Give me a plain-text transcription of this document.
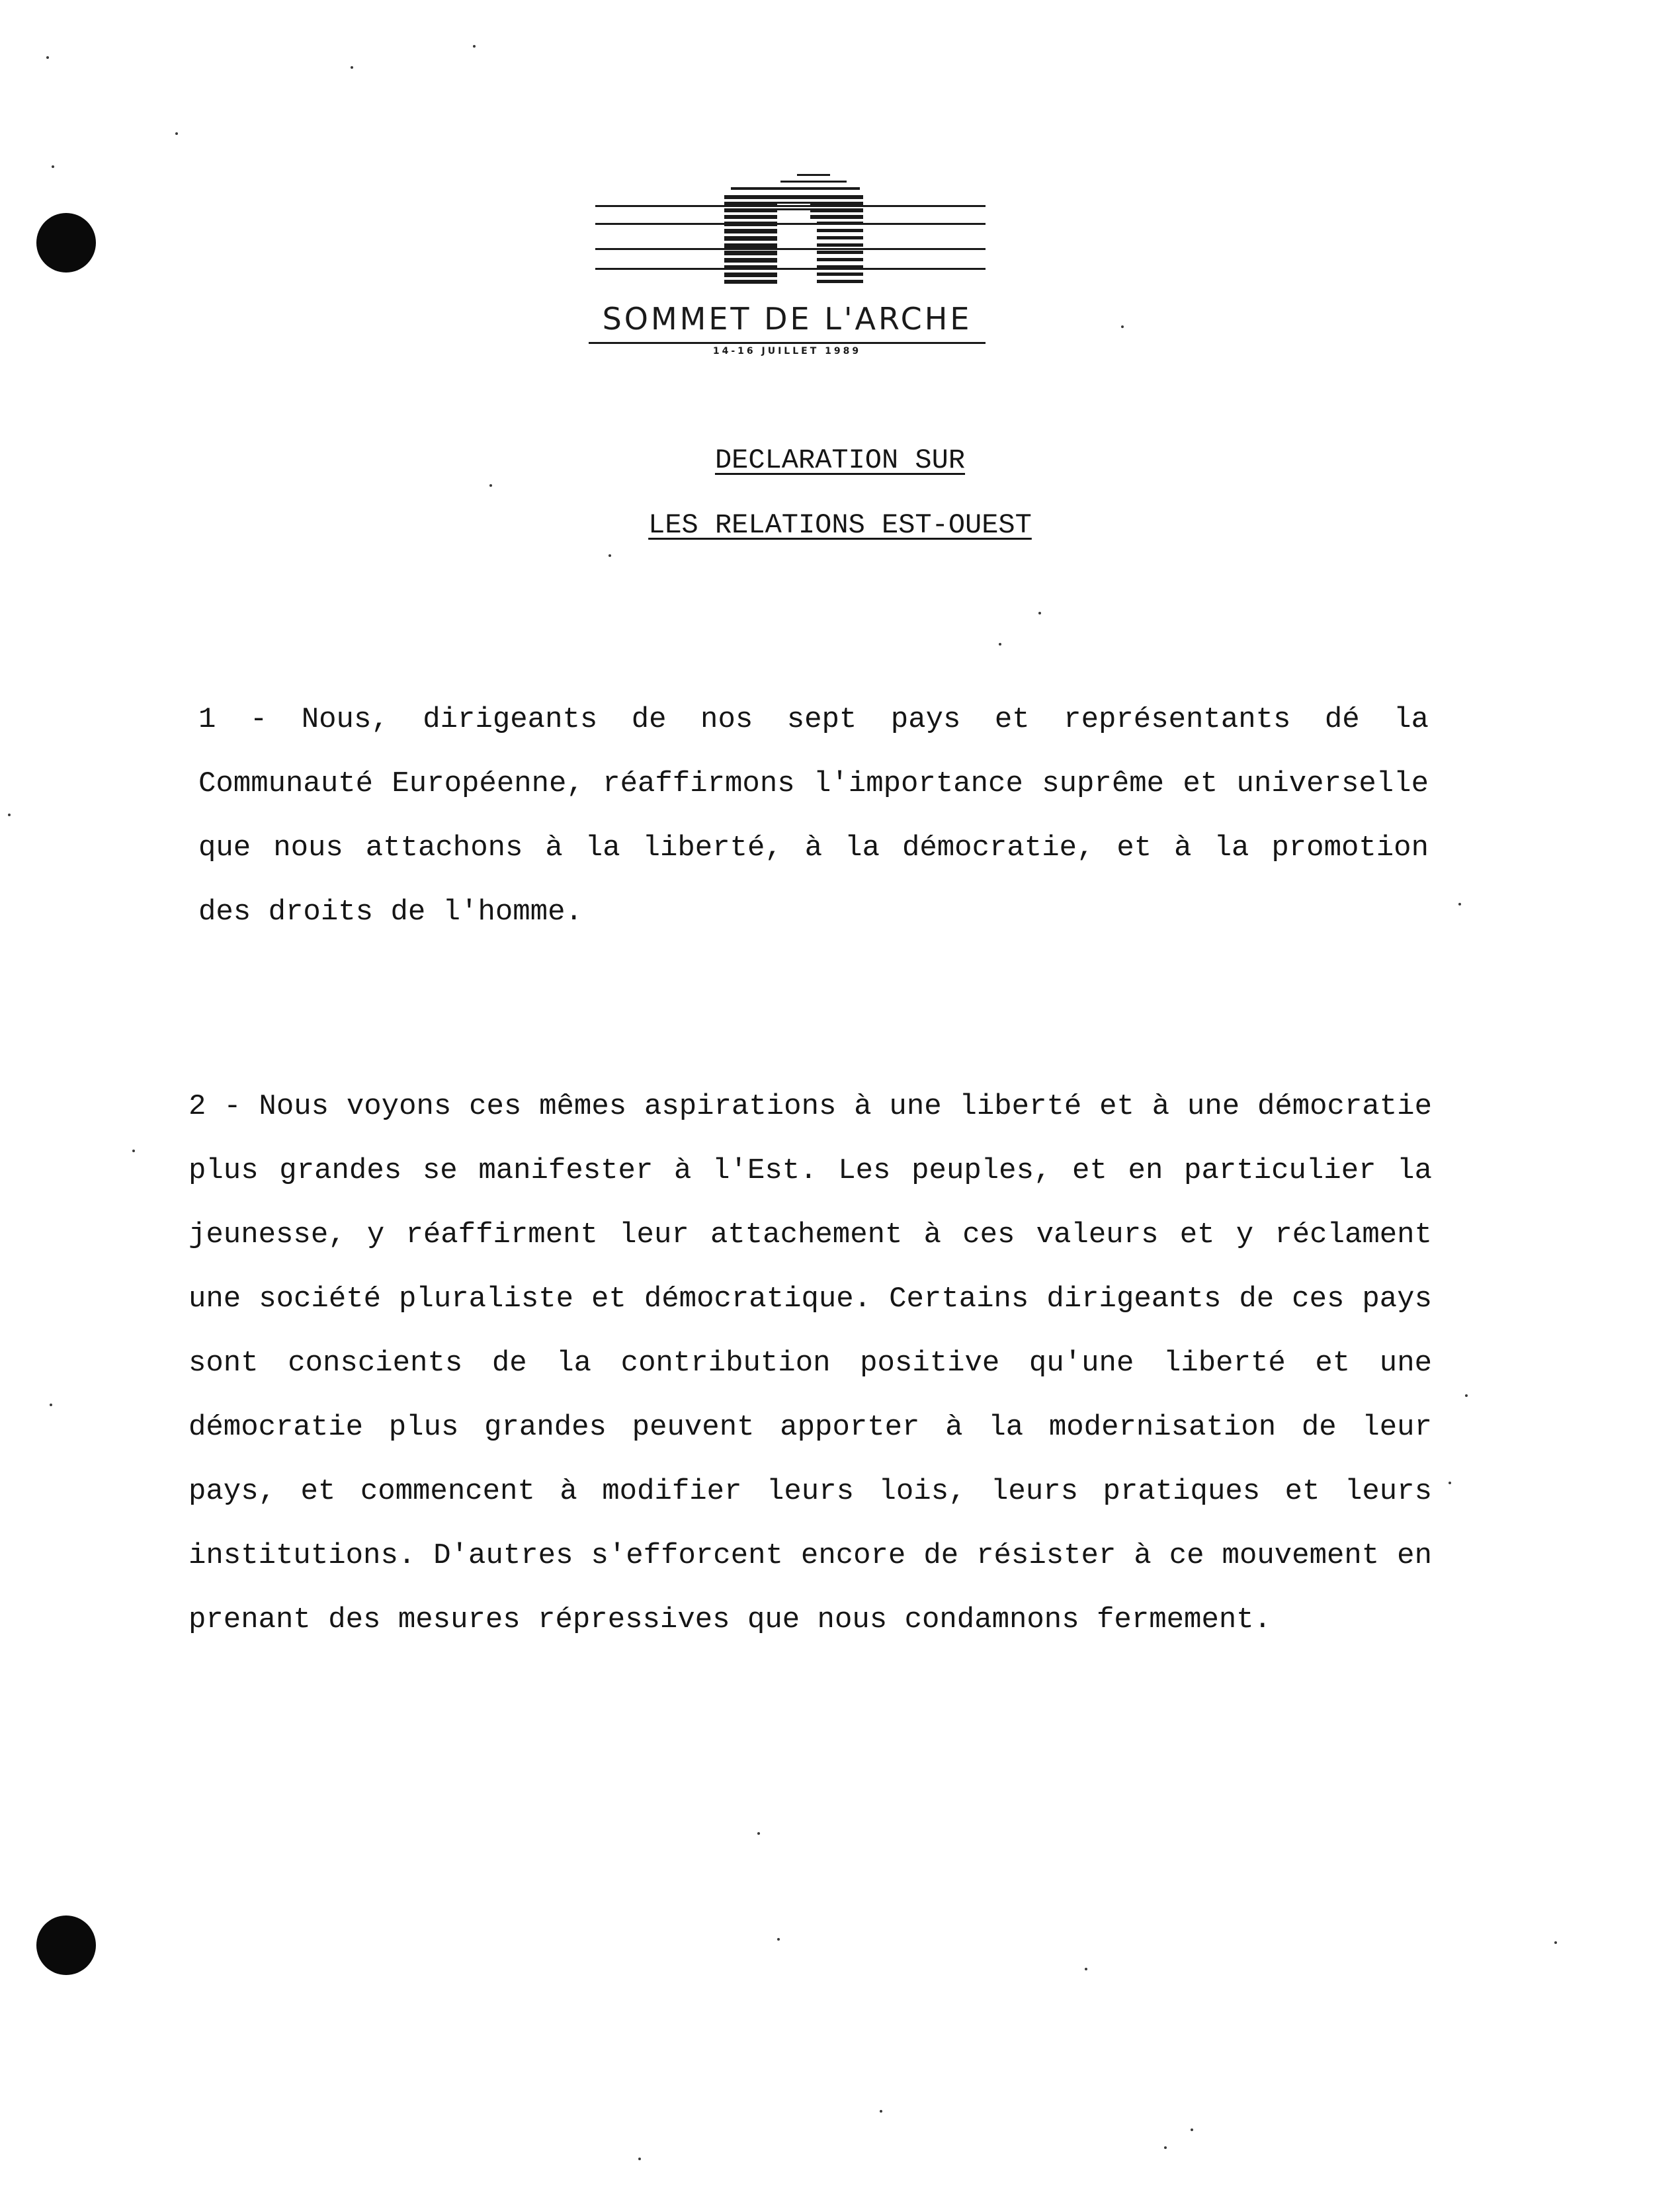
SOMMET DE L'ARCHE
14-16 JUILLET 1989
DECLARATION SUR
LES RELATIONS EST-OUEST

1 - Nous, dirigeants de nos sept pays et représentants dé la Communauté Européenne, réaffirmons l'importance suprême et universelle que nous attachons à la liberté, à la démocratie, et à la promotion des droits de l'homme.

2 - Nous voyons ces mêmes aspirations à une liberté et à une démocratie plus grandes se manifester à l'Est. Les peuples, et en particulier la jeunesse, y réaffirment leur attachement à ces valeurs et y réclament une société pluraliste et démocratique. Certains dirigeants de ces pays sont conscients de la contribution positive qu'une liberté et une démocratie plus grandes peuvent apporter à la modernisation de leur pays, et commencent à modifier leurs lois, leurs pratiques et leurs institutions. D'autres s'efforcent encore de résister à ce mouvement en prenant des mesures répressives que nous condamnons fermement.
